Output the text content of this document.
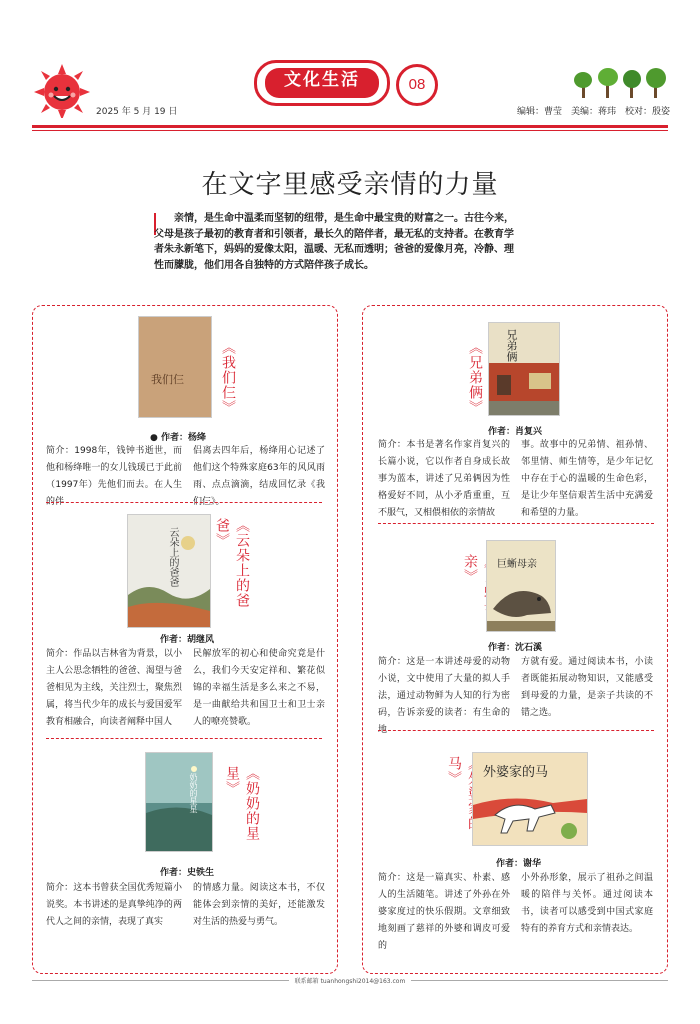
文化生活	08
2025 年 5 月 19 日	编辑：曹莹　美编：蒋玮　校对：殷姿
在文字里感受亲情的力量
亲情，是生命中温柔而坚韧的纽带，是生命中最宝贵的财富之一。古往今来，父母是孩子最初的教育者和引领者，最长久的陪伴者，最无私的支持者。在教育学者朱永新笔下，妈妈的爱像太阳，温暖、无私而透明；爸爸的爱像月亮，冷静、理性而朦胧，他们用各自独特的方式陪伴孩子成长。
我们仨	《我们仨》
● 作者：杨绛
简介：1998年，钱钟书逝世，而他和杨绛唯一的女儿钱瑗已于此前（1997年）先他们而去。在人生的伴
侣离去四年后，杨绛用心记述了他们这个特殊家庭63年的风风雨雨、点点滴滴，结成回忆录《我们仨》。
云朵上的爸爸	《云朵上的爸爸》
作者：胡继风
简介：作品以吉林省为背景，以小主人公思念牺牲的爸爸、渴望与爸爸相见为主线，关注烈士，聚焦烈属，将当代少年的成长与爱国爱军教育相融合，向读者阐释中国人
民解放军的初心和使命究竟是什么，我们今天安定祥和、繁花似锦的幸福生活是多么来之不易，是一曲献给共和国卫士和卫士亲人的嘹亮赞歌。
奶奶的星星	《奶奶的星星》
作者：史铁生
简介：这本书曾获全国优秀短篇小说奖。本书讲述的是真挚纯净的两代人之间的亲情，表现了真实
的情感力量。阅读这本书，不仅能体会到亲情的美好，还能激发对生活的热爱与勇气。
《兄弟俩》 兄弟俩
作者：肖复兴
简介：本书是著名作家肖复兴的长篇小说，它以作者自身成长故事为蓝本，讲述了兄弟俩因为性格爱好不同，从小矛盾重重，互不服气，又相偎相依的亲情故
事。故事中的兄弟情、祖孙情、邻里情、师生情等，是少年记忆中存在于心的温暖的生命色彩，是让少年坚信艰苦生活中充满爱和希望的力量。
亲》
巨蜥母亲
作者：沈石溪
简介：这是一本讲述母爱的动物小说，文中使用了大量的拟人手法，通过动物鲜为人知的行为密码，告诉亲爱的读者：有生命的地
方就有爱。通过阅读本书，小读者既能拓展动物知识，又能感受到母爱的力量，是亲子共读的不错之选。
马》	外婆家的马
作者：谢华
简介：这是一篇真实、朴素、感人的生活随笔。讲述了外孙在外婆家度过的快乐假期。文章细致地刻画了慈祥的外婆和调皮可爱的
小外孙形象，展示了祖孙之间温暖的陪伴与关怀。通过阅读本书，读者可以感受到中国式家庭特有的养育方式和亲情表达。
联系邮箱 tuanhongshi2014@163.com
